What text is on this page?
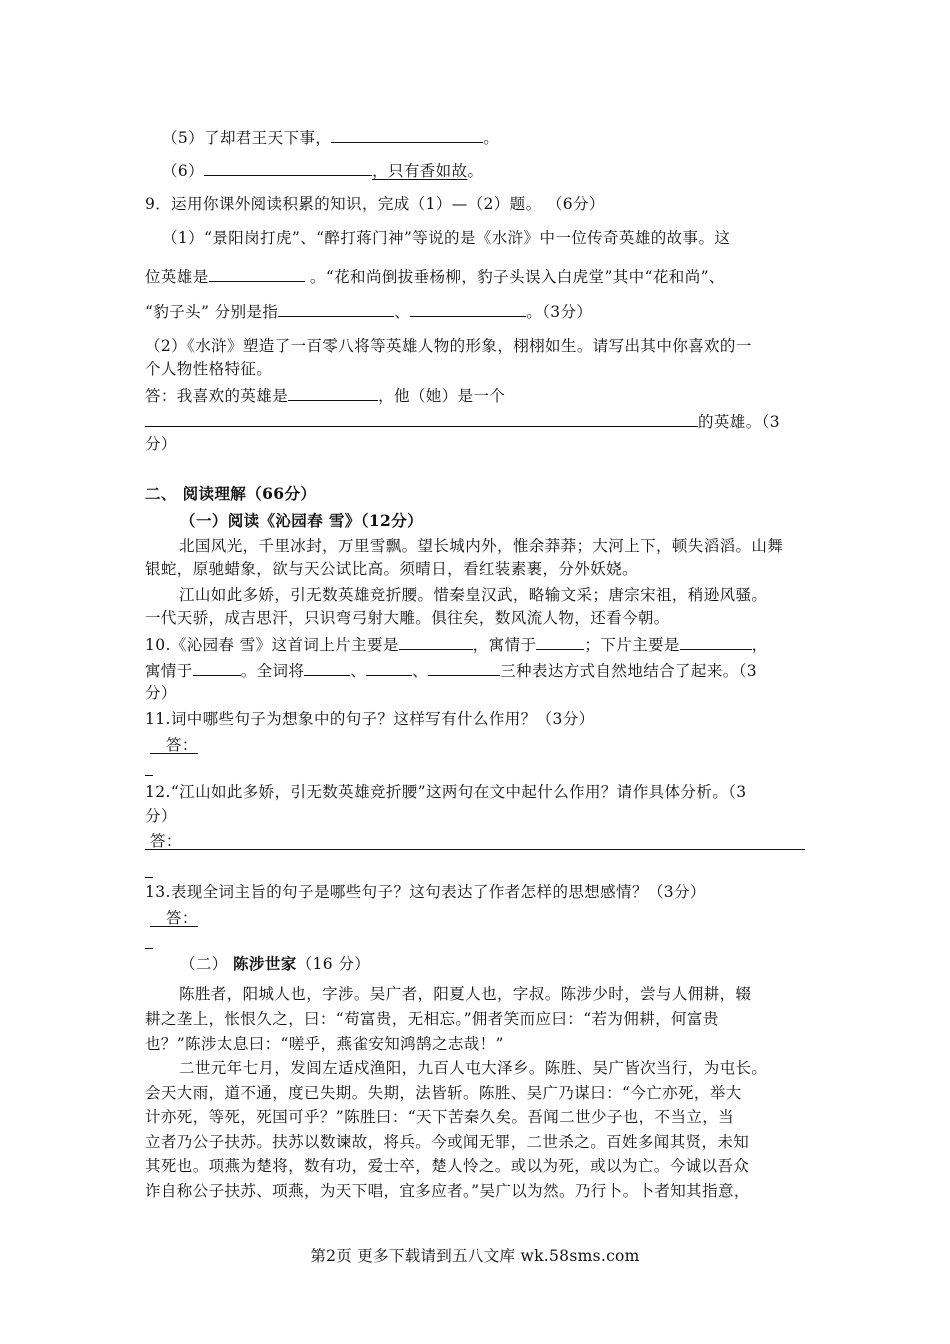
（5）了却君王天下事，	。
（6）	，只有香如故。
9．运用你课外阅读积累的知识，完成（1）—（2）题。 （6分）
（1）“景阳岗打虎”、“醉打蒋门神”等说的是《水浒》中一位传奇英雄的故事。这
位英雄是	。“花和尚倒拔垂杨柳，豹子头误入白虎堂”其中“花和尚”、
“豹子头” 分别是指	、	。（3分）
（2）《水浒》塑造了一百零八将等英雄人物的形象，栩栩如生。请写出其中你喜欢的一
个人物性格特征。
答：我喜欢的英雄是	，他（她）是一个
的英雄。（3
分）
二、 阅读理解（66分）
（一）阅读《沁园春 雪》（12分）
北国风光，千里冰封，万里雪飘。望长城内外，惟余莽莽；大河上下，顿失滔滔。山舞
银蛇，原驰蜡象，欲与天公试比高。须晴日，看红装素裹，分外妖娆。
江山如此多娇，引无数英雄竞折腰。惜秦皇汉武，略输文采；唐宗宋祖，稍逊风骚。
一代天骄，成吉思汗，只识弯弓射大雕。俱往矣，数风流人物，还看今朝。
10.《沁园春 雪》这首词上片主要是	，寓情于	；下片主要是	，
寓情于	。全词将	、	、	三种表达方式自然地结合了起来。（3
分）
11.词中哪些句子为想象中的句子？这样写有什么作用？（3分）
答：
12.“江山如此多娇，引无数英雄竞折腰”这两句在文中起什么作用？请作具体分析。（3
分）
答：
13.表现全词主旨的句子是哪些句子？这句表达了作者怎样的思想感情？（3分）
答：
（二） 陈涉世家（16 分）
陈胜者，阳城人也，字涉。吴广者，阳夏人也，字叔。陈涉少时，尝与人佣耕，辍
耕之垄上，怅恨久之，曰：“苟富贵，无相忘。”佣者笑而应曰：“若为佣耕，何富贵
也？”陈涉太息曰：“嗟乎，燕雀安知鸿鹄之志哉！”
二世元年七月，发闾左适戍渔阳，九百人屯大泽乡。陈胜、吴广皆次当行，为屯长。
会天大雨，道不通，度已失期。失期，法皆斩。陈胜、吴广乃谋曰：“今亡亦死，举大
计亦死，等死，死国可乎？”陈胜曰：“天下苦秦久矣。吾闻二世少子也，不当立，当
立者乃公子扶苏。扶苏以数谏故，将兵。今或闻无罪，二世杀之。百姓多闻其贤，未知
其死也。项燕为楚将，数有功，爱士卒，楚人怜之。或以为死，或以为亡。今诚以吾众
诈自称公子扶苏、项燕，为天下唱，宜多应者。”吴广以为然。乃行卜。卜者知其指意，
第2页 更多下载请到五八文库 wk.58sms.com
